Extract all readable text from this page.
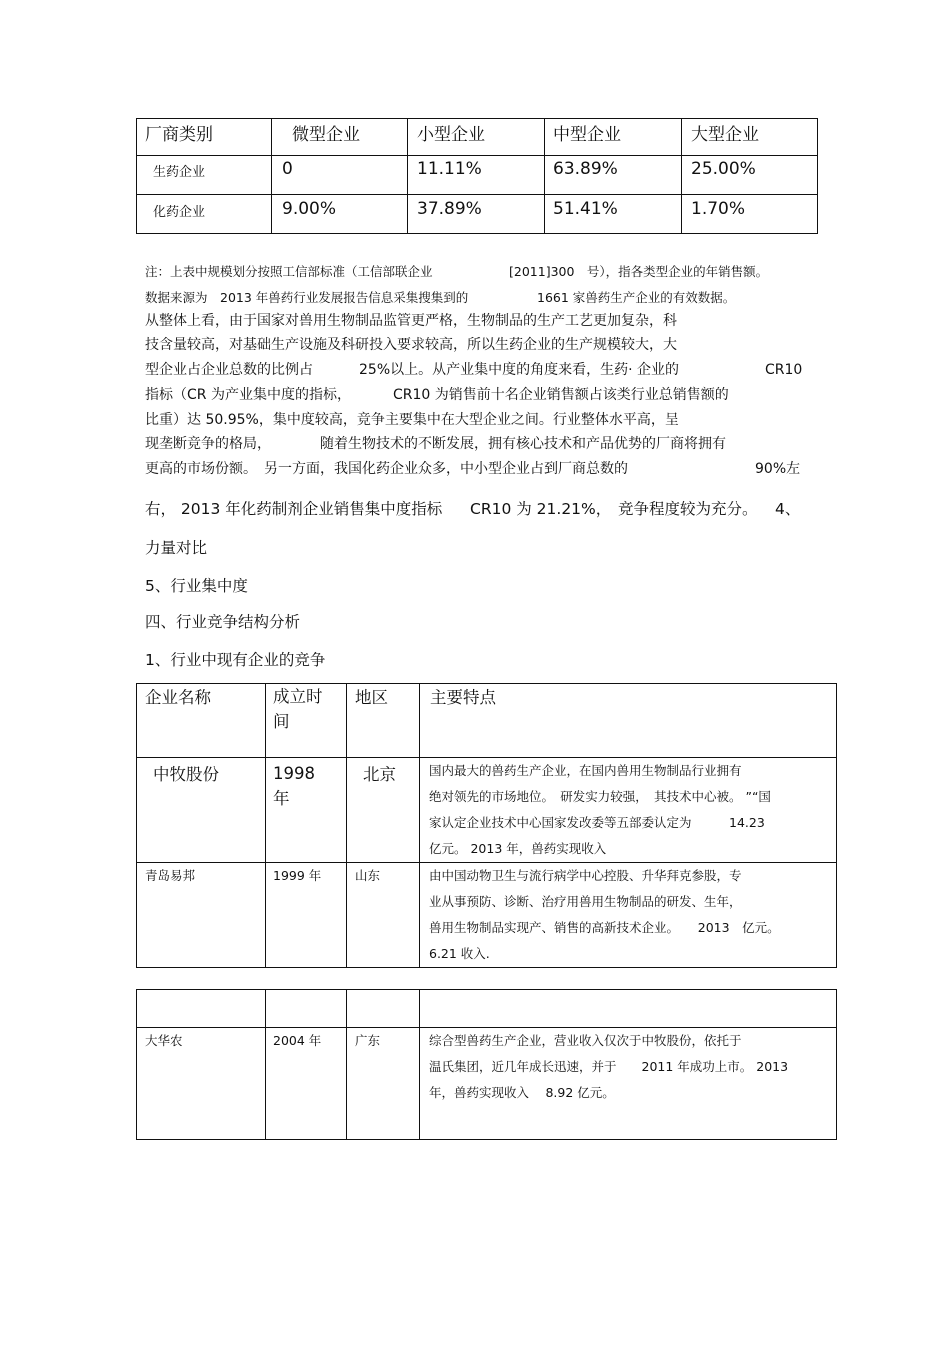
厂商类别	微型企业	小型企业	中型企业	大型企业

生药企业	0	11.11%	63.89%	25.00%

化药企业	9.00%	37.89%	51.41%	1.70%
注：上表中规模划分按照工信部标准（工信部联企业	[2011]300　号），指各类型企业的年销售额。
数据来源为　2013 年兽药行业发展报告信息采集搜集到的	1661 家兽药生产企业的有效数据。
从整体上看，由于国家对兽用生物制品监管更严格，生物制品的生产工艺更加复杂，科
技含量较高，对基础生产设施及科研投入要求较高，所以生药企业的生产规模较大，大
型企业占企业总数的比例占	25%以上。从产业集中度的角度来看，生药· 企业的	CR10
指标（CR 为产业集中度的指标，	CR10 为销售前十名企业销售额占该类行业总销售额的
比重）达 50.95%，集中度较高，竞争主要集中在大型企业之间。行业整体水平高，呈
现垄断竞争的格局，	随着生物技术的不断发展，拥有核心技术和产品优势的厂商将拥有
更高的市场份额。　另一方面，我国化药企业众多，中小型企业占到厂商总数的	90%左
右， 2013 年化药制剂企业销售集中度指标 CR10 为 21.21%， 竞争程度较为充分。 4、
力量对比
5、行业集中度
四、行业竞争结构分析
1、行业中现有企业的竞争
企业名称	成立时间	地区	主要特点

中牧股份	1998年	北京	国内最大的兽药生产企业，在国内兽用生物制品行业拥有
绝对领先的市场地位。　研发实力较强，　其技术中心被。 ”“国
家认定企业技术中心国家发改委等五部委认定为　　　14.23
亿元。 2013 年，兽药实现收入

青岛易邦	1999 年	山东	由中国动物卫生与流行病学中心控股、升华拜克参股，专
业从事预防、诊断、治疗用兽用生物制品的研发、生年，
兽用生物制品实现产、销售的高新技术企业。　　2013　亿元。
6.21 收入.

大华农	2004 年	广东	综合型兽药生产企业，营业收入仅次于中牧股份，依托于
温氏集团，近几年成长迅速，并于　　2011 年成功上市。 2013
年，兽药实现收入　 8.92 亿元。
